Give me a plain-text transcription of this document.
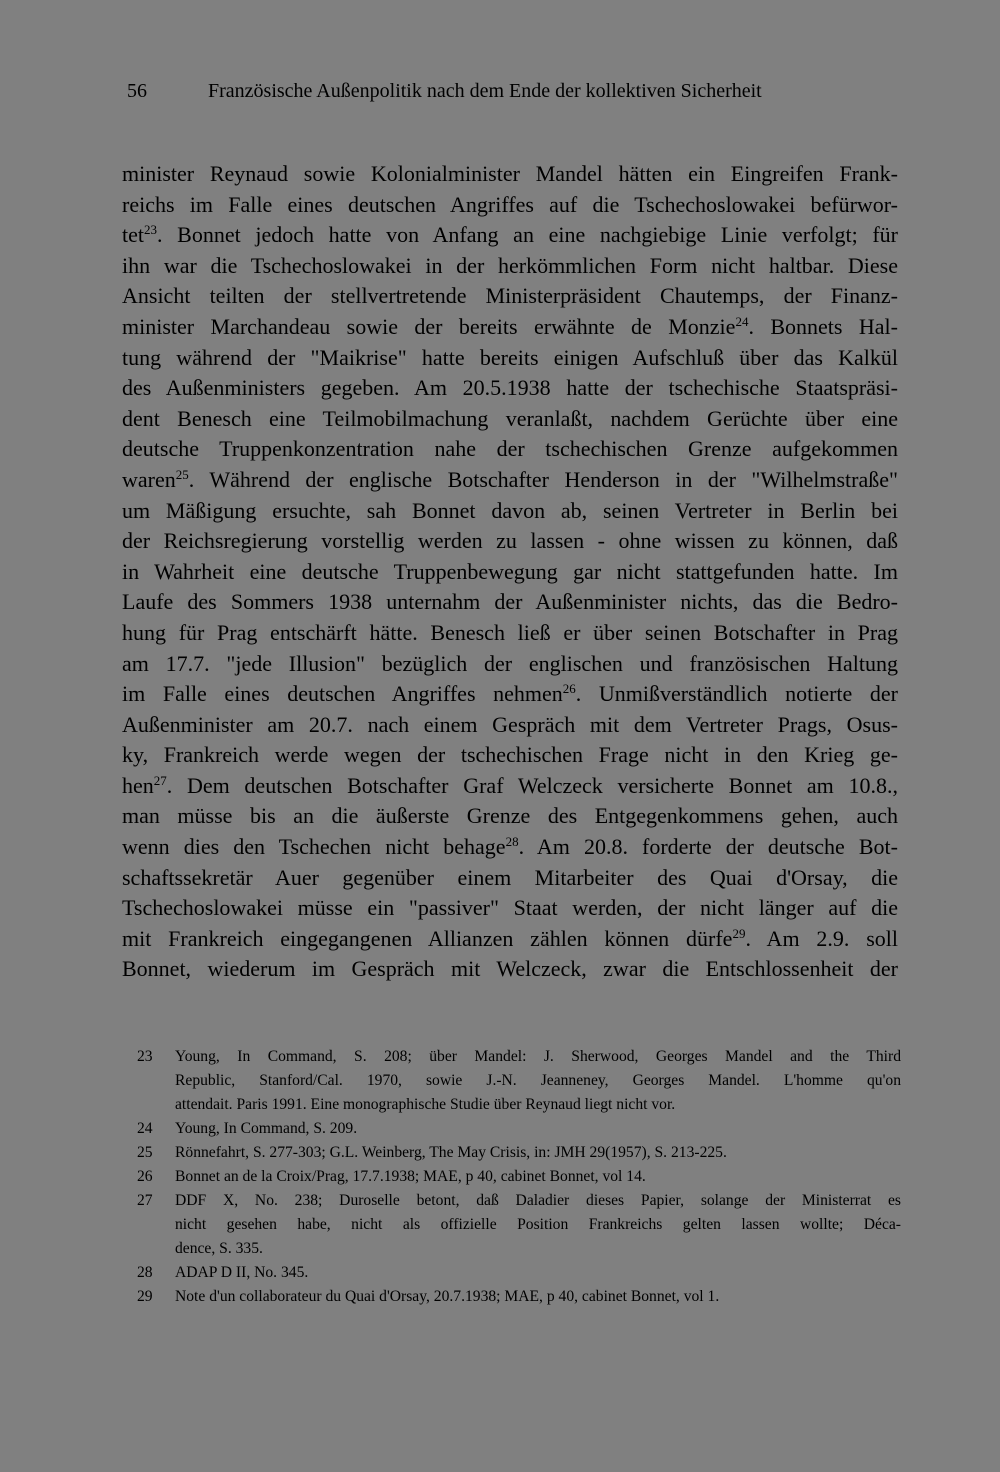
56	Französische Außenpolitik nach dem Ende der kollektiven Sicherheit
minister Reynaud sowie Kolonialminister Mandel hätten ein Eingreifen Frank-
reichs im Falle eines deutschen Angriffes auf die Tschechoslowakei befürwor-
tet$^{23}$. Bonnet jedoch hatte von Anfang an eine nachgiebige Linie verfolgt; für
ihn war die Tschechoslowakei in der herkömmlichen Form nicht haltbar. Diese
Ansicht teilten der stellvertretende Ministerpräsident Chautemps, der Finanz-
minister Marchandeau sowie der bereits erwähnte de Monzie$^{24}$. Bonnets Hal-
tung während der "Maikrise" hatte bereits einigen Aufschluß über das Kalkül
des Außenministers gegeben. Am 20.5.1938 hatte der tschechische Staatspräsi-
dent Benesch eine Teilmobilmachung veranlaßt, nachdem Gerüchte über eine
deutsche Truppenkonzentration nahe der tschechischen Grenze aufgekommen
waren$^{25}$. Während der englische Botschafter Henderson in der "Wilhelmstraße"
um Mäßigung ersuchte, sah Bonnet davon ab, seinen Vertreter in Berlin bei
der Reichsregierung vorstellig werden zu lassen - ohne wissen zu können, daß
in Wahrheit eine deutsche Truppenbewegung gar nicht stattgefunden hatte. Im
Laufe des Sommers 1938 unternahm der Außenminister nichts, das die Bedro-
hung für Prag entschärft hätte. Benesch ließ er über seinen Botschafter in Prag
am 17.7. "jede Illusion" bezüglich der englischen und französischen Haltung
im Falle eines deutschen Angriffes nehmen$^{26}$. Unmißverständlich notierte der
Außenminister am 20.7. nach einem Gespräch mit dem Vertreter Prags, Osus-
ky, Frankreich werde wegen der tschechischen Frage nicht in den Krieg ge-
hen$^{27}$. Dem deutschen Botschafter Graf Welczeck versicherte Bonnet am 10.8.,
man müsse bis an die äußerste Grenze des Entgegenkommens gehen, auch
wenn dies den Tschechen nicht behage$^{28}$. Am 20.8. forderte der deutsche Bot-
schaftssekretär Auer gegenüber einem Mitarbeiter des Quai d'Orsay, die
Tschechoslowakei müsse ein "passiver" Staat werden, der nicht länger auf die
mit Frankreich eingegangenen Allianzen zählen können dürfe$^{29}$. Am 2.9. soll
Bonnet, wiederum im Gespräch mit Welczeck, zwar die Entschlossenheit der
23	Young, In Command, S. 208; über Mandel: J. Sherwood, Georges Mandel and the Third
Republic, Stanford/Cal. 1970, sowie J.-N. Jeanneney, Georges Mandel. L'homme qu'on
attendait. Paris 1991. Eine monographische Studie über Reynaud liegt nicht vor.
24	Young, In Command, S. 209.
25	Rönnefahrt, S. 277-303; G.L. Weinberg, The May Crisis, in: JMH 29(1957), S. 213-225.
26	Bonnet an de la Croix/Prag, 17.7.1938; MAE, p 40, cabinet Bonnet, vol 14.
27	DDF X, No. 238; Duroselle betont, daß Daladier dieses Papier, solange der Ministerrat es
nicht gesehen habe, nicht als offizielle Position Frankreichs gelten lassen wollte; Déca-
dence, S. 335.
28	ADAP D II, No. 345.
29	Note d'un collaborateur du Quai d'Orsay, 20.7.1938; MAE, p 40, cabinet Bonnet, vol 1.
